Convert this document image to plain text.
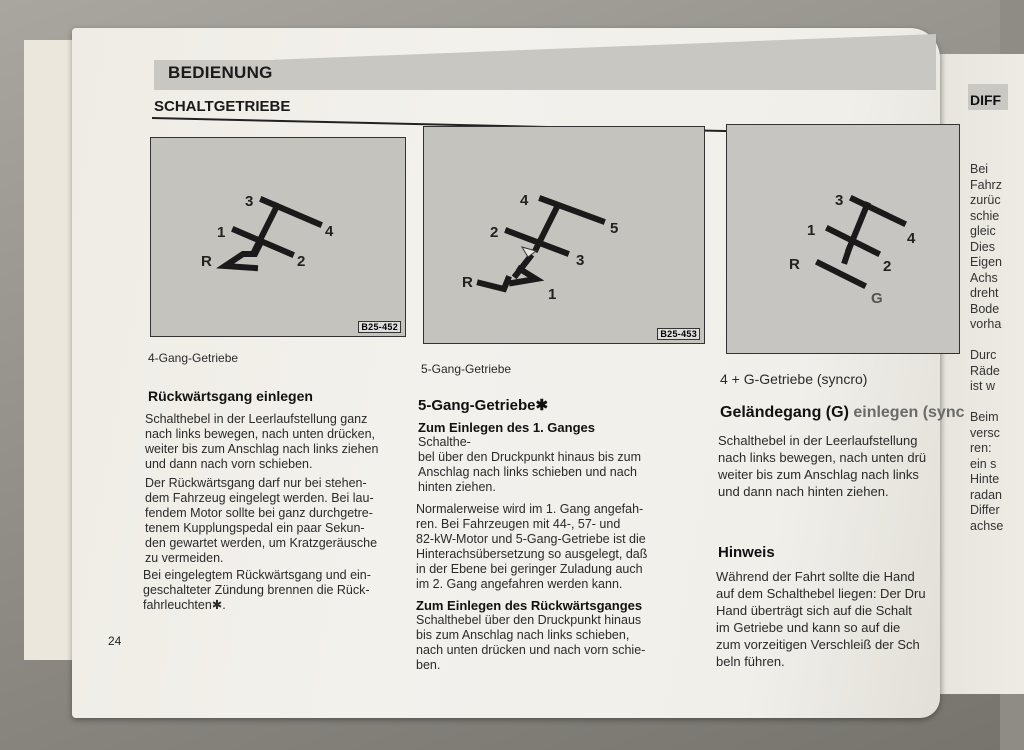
DIFF
Bei
Fahrz
zurüc
schie
gleic
Dies
Eigen
Achs
dreht
Bode
vorha

Durc
Räde
ist w

Beim
versc
ren:
ein s
Hinte
radan
Differ
achse
BEDIENUNG
SCHALTGETRIEBE
3
4
1
2
R
B25-452
4
5
2
3
R
1
B25-453
3
4
1
2
R
G
4-Gang-Getriebe
5-Gang-Getriebe
4 + G-Getriebe (syncro)
Rückwärtsgang einlegen
Schalthebel in der Leerlaufstellung ganz
nach links bewegen, nach unten drücken,
weiter bis zum Anschlag nach links ziehen
und dann nach vorn schieben.
Der Rückwärtsgang darf nur bei stehen-
dem Fahrzeug eingelegt werden. Bei lau-
fendem Motor sollte bei ganz durchgetre-
tenem Kupplungspedal ein paar Sekun-
den gewartet werden, um Kratzgeräusche
zu vermeiden.
Bei eingelegtem Rückwärtsgang und ein-
geschalteter Zündung brennen die Rück-
fahrleuchten✱.
5-Gang-Getriebe✱
Zum Einlegen des 1. Ganges
Schalthe-
bel über den Druckpunkt hinaus bis zum
Anschlag nach links schieben und nach
hinten ziehen.
Normalerweise wird im 1. Gang angefah-
ren. Bei Fahrzeugen mit 44-, 57- und
82-kW-Motor und 5-Gang-Getriebe ist die
Hinterachsübersetzung so ausgelegt, daß
in der Ebene bei geringer Zuladung auch
im 2. Gang angefahren werden kann.
Zum Einlegen des Rückwärtsganges
Schalthebel über den Druckpunkt hinaus
bis zum Anschlag nach links schieben,
nach unten drücken und nach vorn schie-
ben.
Geländegang (G) einlegen (sync
Schalthebel in der Leerlaufstellung
nach links bewegen, nach unten drü
weiter bis zum Anschlag nach links
und dann nach hinten ziehen.
Hinweis
Während der Fahrt sollte die Hand
auf dem Schalthebel liegen: Der Dru
Hand überträgt sich auf die Schalt
im Getriebe und kann so auf die
zum vorzeitigen Verschleiß der Sch
beln führen.
24
